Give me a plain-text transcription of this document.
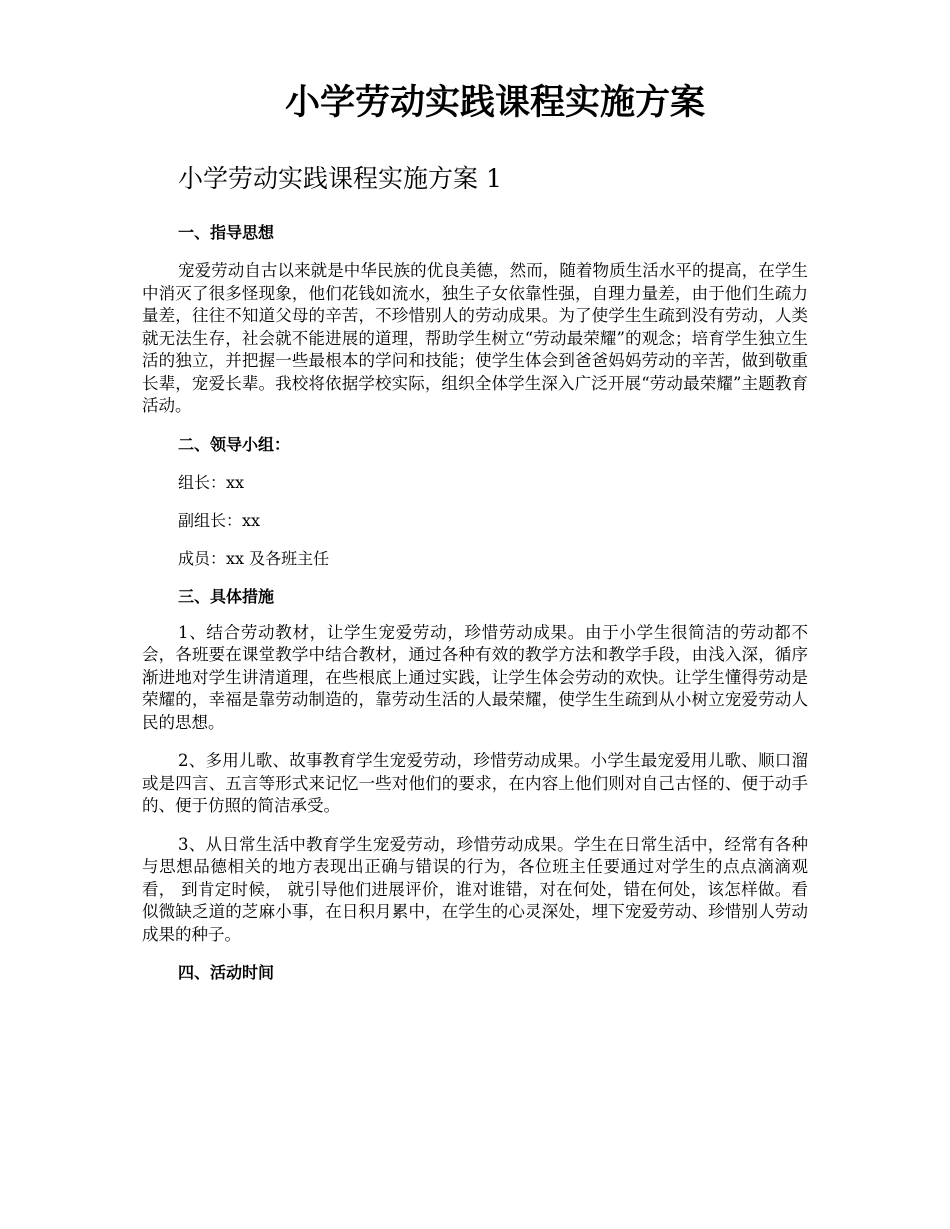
小学劳动实践课程实施方案
小学劳动实践课程实施方案 1
一、指导思想

宠爱劳动自古以来就是中华民族的优良美德，然而，随着物质生活水平的提高，在学生中消灭了很多怪现象，他们花钱如流水，独生子女依靠性强，自理力量差，由于他们生疏力量差，往往不知道父母的辛苦，不珍惜别人的劳动成果。为了使学生生疏到没有劳动，人类就无法生存，社会就不能进展的道理，帮助学生树立“劳动最荣耀”的观念；培育学生独立生活的独立，并把握一些最根本的学问和技能；使学生体会到爸爸妈妈劳动的辛苦，做到敬重长辈，宠爱长辈。我校将依据学校实际，组织全体学生深入广泛开展“劳动最荣耀”主题教育活动。

二、领导小组：
组长：xx
副组长：xx
成员：xx 及各班主任
三、具体措施

1、结合劳动教材，让学生宠爱劳动，珍惜劳动成果。由于小学生很简洁的劳动都不会，各班要在课堂教学中结合教材，通过各种有效的教学方法和教学手段，由浅入深，循序渐进地对学生讲清道理，在些根底上通过实践，让学生体会劳动的欢快。让学生懂得劳动是荣耀的，幸福是靠劳动制造的，靠劳动生活的人最荣耀，使学生生疏到从小树立宠爱劳动人民的思想。

2、多用儿歌、故事教育学生宠爱劳动，珍惜劳动成果。小学生最宠爱用儿歌、顺口溜或是四言、五言等形式来记忆一些对他们的要求，在内容上他们则对自己古怪的、便于动手的、便于仿照的简洁承受。

3、从日常生活中教育学生宠爱劳动，珍惜劳动成果。学生在日常生活中，经常有各种与思想品德相关的地方表现出正确与错误的行为，各位班主任要通过对学生的点点滴滴观看， 到肯定时候， 就引导他们进展评价，谁对谁错，对在何处，错在何处，该怎样做。看似微缺乏道的芝麻小事，在日积月累中，在学生的心灵深处，埋下宠爱劳动、珍惜别人劳动成果的种子。

四、活动时间
